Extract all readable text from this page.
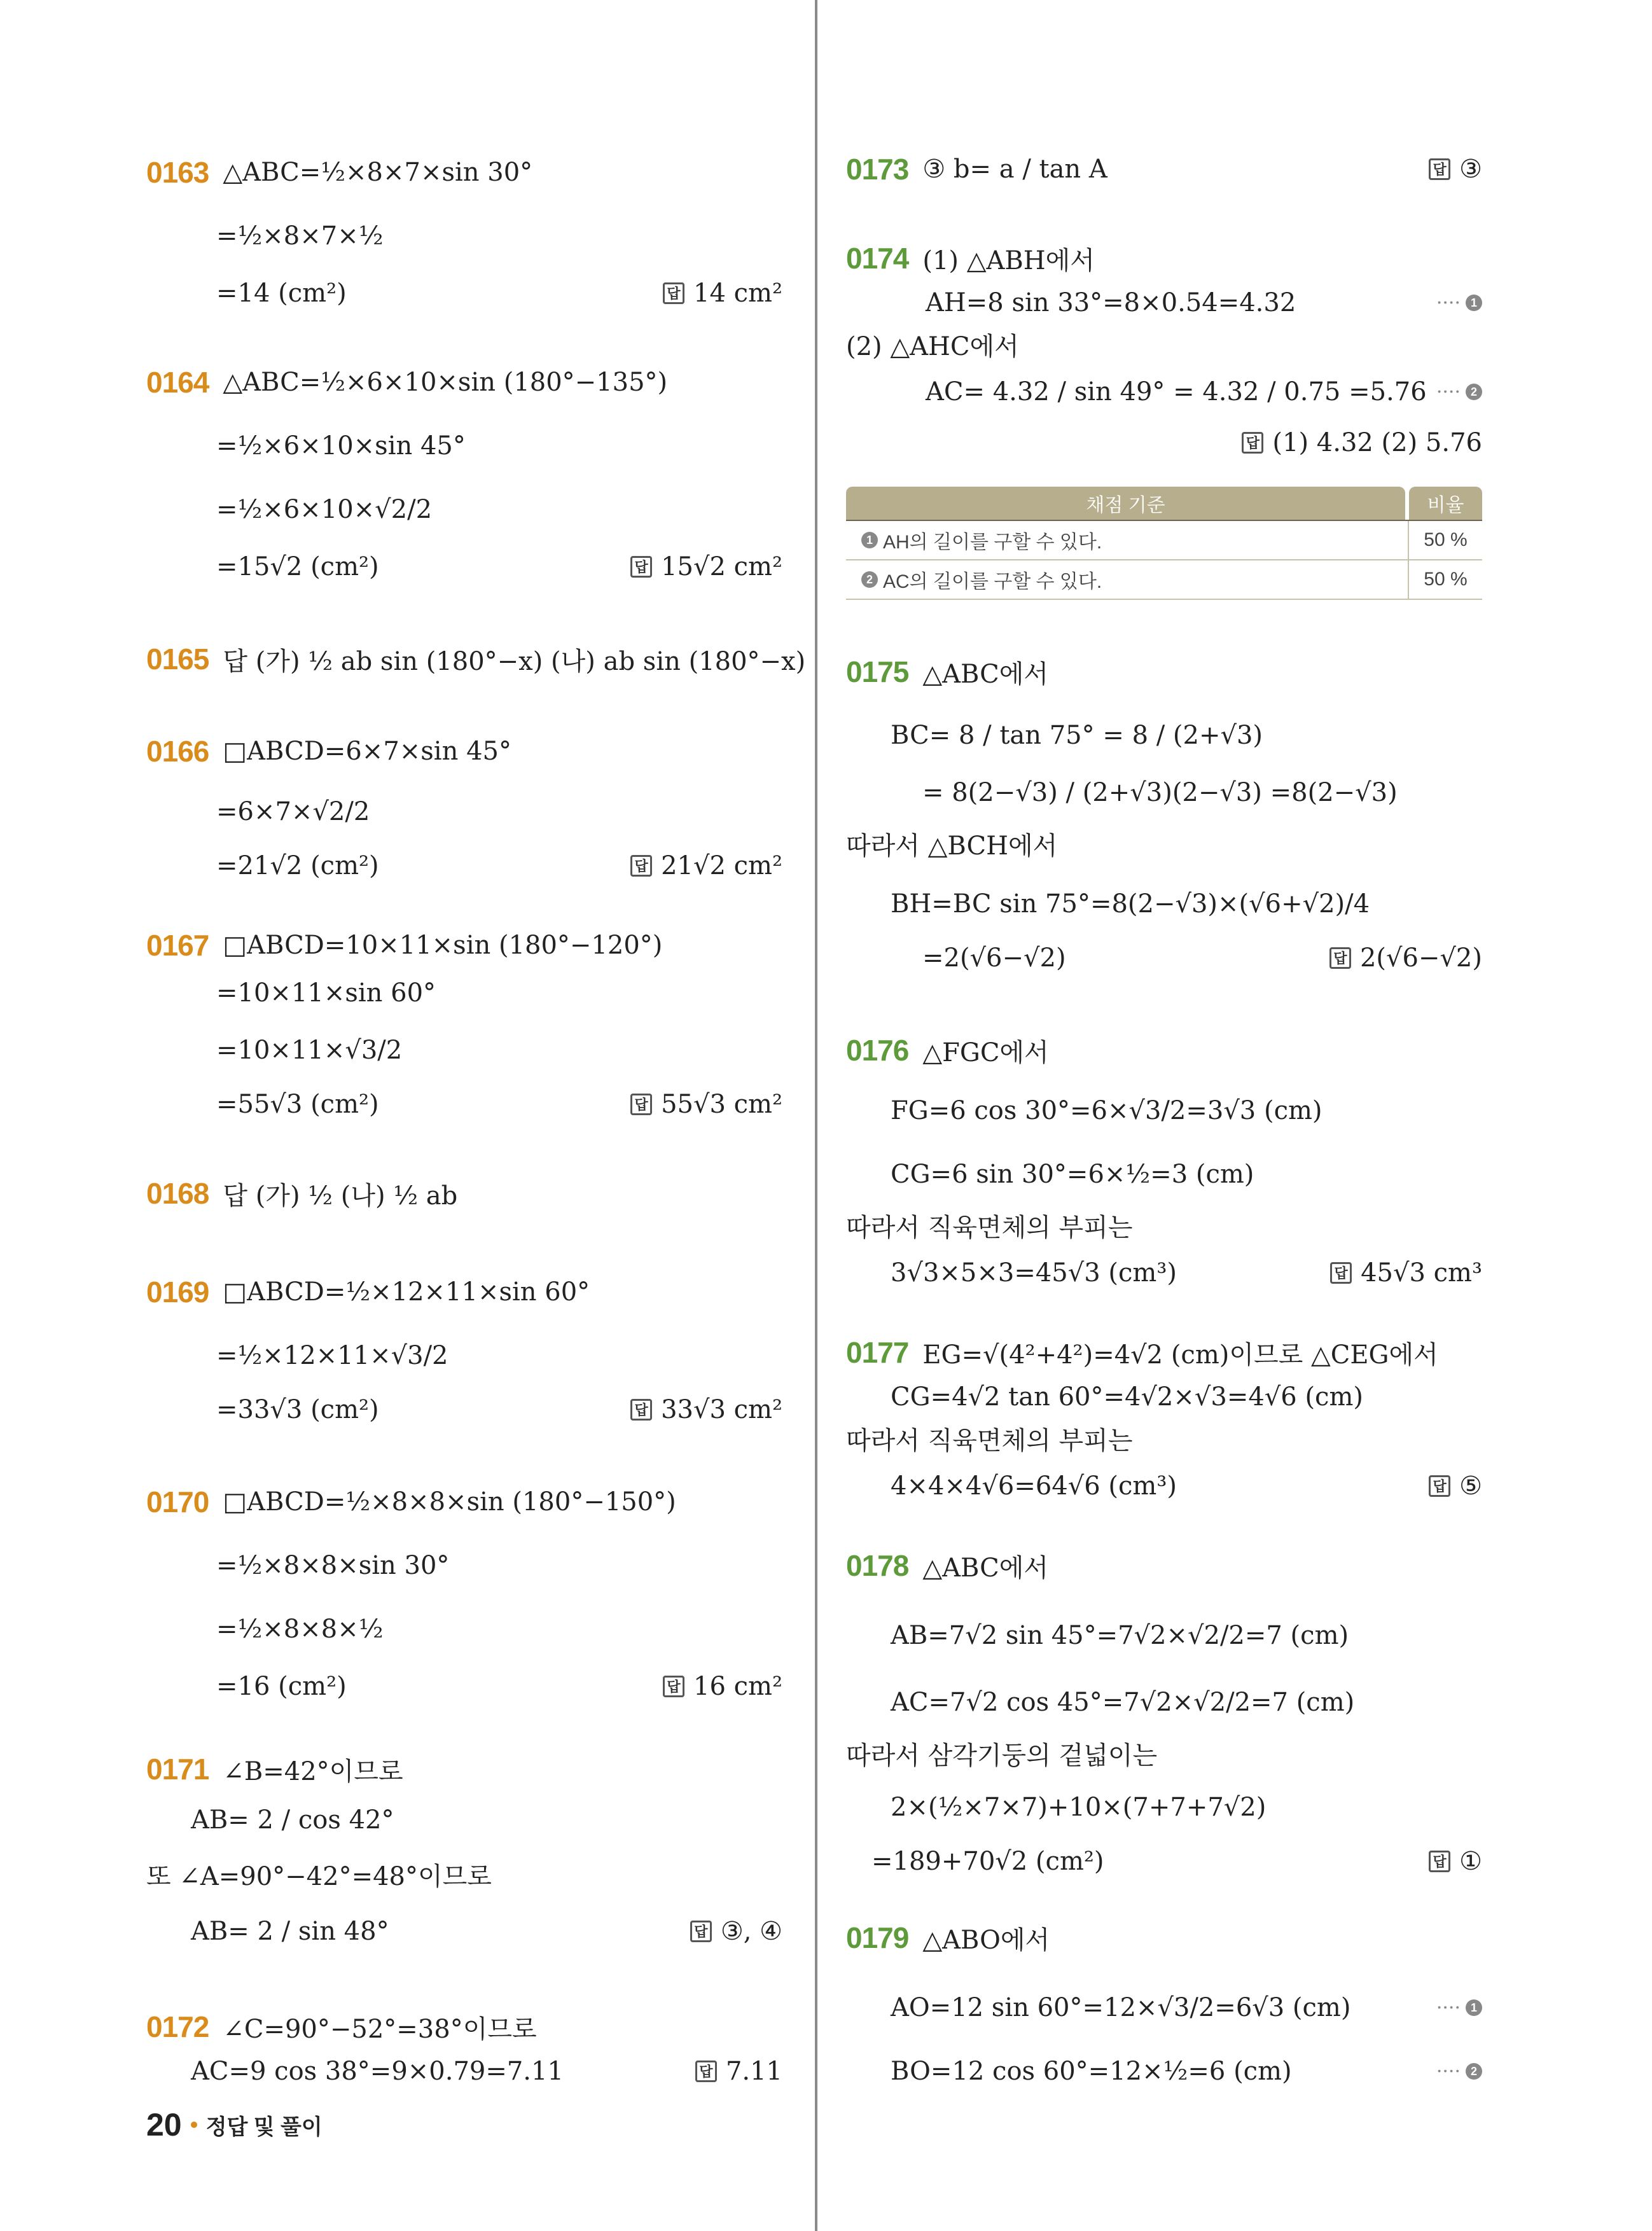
0163 △ABC=½×8×7×sin 30°
=½×8×7×½
=14 (cm²)	답 14 cm²
0164 △ABC=½×6×10×sin (180°−135°)
=½×6×10×sin 45°
=½×6×10×√2/2
=15√2 (cm²)	답 15√2 cm²
0165 답 (가) ½ ab sin (180°−x) (나) ab sin (180°−x)
0166 □ABCD=6×7×sin 45°
=6×7×√2/2
=21√2 (cm²)	답 21√2 cm²
0167 □ABCD=10×11×sin (180°−120°)
=10×11×sin 60°
=10×11×√3/2
=55√3 (cm²)	답 55√3 cm²
0168 답 (가) ½ (나) ½ ab
0169 □ABCD=½×12×11×sin 60°
=½×12×11×√3/2
=33√3 (cm²)	답 33√3 cm²
0170 □ABCD=½×8×8×sin (180°−150°)
=½×8×8×sin 30°
=½×8×8×½
=16 (cm²)	답 16 cm²
0171 ∠B=42°이므로
AB= 2 / cos 42°
또 ∠A=90°−42°=48°이므로
AB= 2 / sin 48°	답 ③, ④
0172 ∠C=90°−52°=38°이므로
AC=9 cos 38°=9×0.79=7.11	답 7.11
0173 ③ b= a / tan A	답 ③
0174 (1) △ABH에서
AH=8 sin 33°=8×0.54=4.32
(2) △AHC에서
AC= 4.32 / sin 49° = 4.32 / 0.75 =5.76
···· 1
···· 2
답 (1) 4.32 (2) 5.76
0175 △ABC에서
BC= 8 / tan 75° = 8 / (2+√3)
= 8(2−√3) / (2+√3)(2−√3) =8(2−√3)
따라서 △BCH에서
BH=BC sin 75°=8(2−√3)×(√6+√2)/4
=2(√6−√2)	답 2(√6−√2)
0176 △FGC에서
FG=6 cos 30°=6×√3/2=3√3 (cm)
CG=6 sin 30°=6×½=3 (cm)
따라서 직육면체의 부피는
3√3×5×3=45√3 (cm³)	답 45√3 cm³
0177 EG=√(4²+4²)=4√2 (cm)이므로 △CEG에서
CG=4√2 tan 60°=4√2×√3=4√6 (cm)
따라서 직육면체의 부피는
4×4×4√6=64√6 (cm³)	답 ⑤
0178 △ABC에서
AB=7√2 sin 45°=7√2×√2/2=7 (cm)
AC=7√2 cos 45°=7√2×√2/2=7 (cm)
따라서 삼각기둥의 겉넓이는
2×(½×7×7)+10×(7+7+7√2)
=189+70√2 (cm²)	답 ①
0179 △ABO에서
AO=12 sin 60°=12×√3/2=6√3 (cm)
BO=12 cos 60°=12×½=6 (cm)
···· 1
···· 2
채점 기준	비율
1 AH의 길이를 구할 수 있다.	50 %
2 AC의 길이를 구할 수 있다.	50 %
20 정답 및 풀이
